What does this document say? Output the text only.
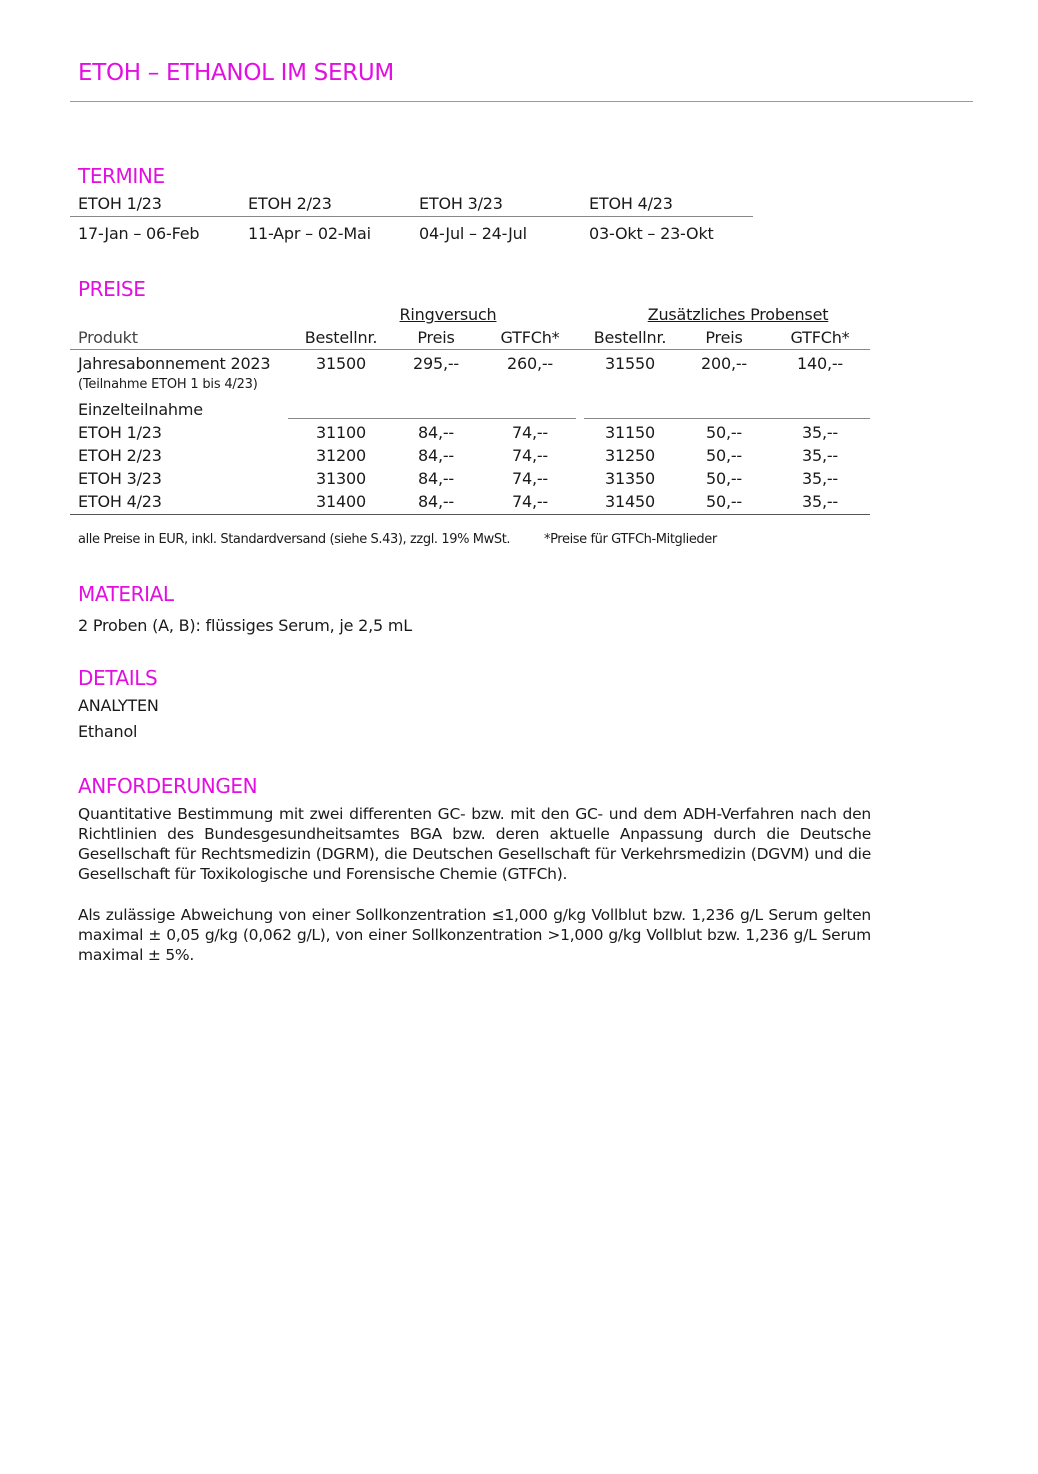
ETOH – ETHANOL IM SERUM
TERMINE
ETOH 1/23	ETOH 2/23	ETOH 3/23	ETOH 4/23
17-Jan – 06-Feb	11-Apr – 02-Mai	04-Jul – 24-Jul	03-Okt – 23-Okt
PREISE
Ringversuch	Zusätzliches Probenset
Produkt	Bestellnr.	Preis	GTFCh*	Bestellnr.	Preis	GTFCh*
Jahresabonnement 2023	31500	295,--	260,--	31550	200,--	140,--
(Teilnahme ETOH 1 bis 4/23)
Einzelteilnahme
ETOH 1/23	31100	84,--	74,--	31150	50,--	35,--
ETOH 2/23	31200	84,--	74,--	31250	50,--	35,--
ETOH 3/23	31300	84,--	74,--	31350	50,--	35,--
ETOH 4/23	31400	84,--	74,--	31450	50,--	35,--
alle Preise in EUR, inkl. Standardversand (siehe S.43), zzgl. 19% MwSt.	*Preise für GTFCh-Mitglieder
MATERIAL
2 Proben (A, B): flüssiges Serum, je 2,5 mL
DETAILS
ANALYTEN
Ethanol
ANFORDERUNGEN
Quantitative Bestimmung mit zwei differenten GC- bzw. mit den GC- und dem ADH-Verfahren nach den Richtlinien des Bundesgesundheitsamtes BGA bzw. deren aktuelle Anpassung durch die Deutsche Gesellschaft für Rechtsmedizin (DGRM), die Deutschen Gesellschaft für Verkehrsmedizin (DGVM) und die Gesellschaft für Toxikologische und Forensische Chemie (GTFCh).
Als zulässige Abweichung von einer Sollkonzentration ≤1,000 g/kg Vollblut bzw. 1,236 g/L Serum gelten maximal ± 0,05 g/kg (0,062 g/L), von einer Sollkonzentration >1,000 g/kg Vollblut bzw. 1,236 g/L Serum maximal ± 5%.
